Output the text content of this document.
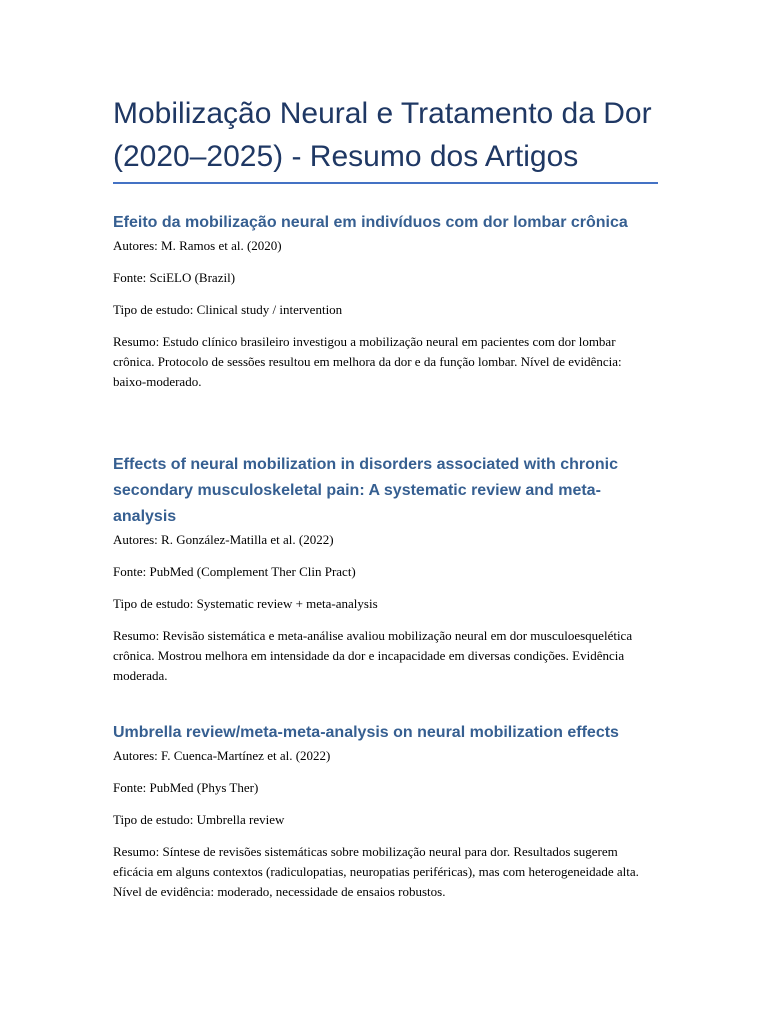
Mobilização Neural e Tratamento da Dor (2020–2025) - Resumo dos Artigos
Efeito da mobilização neural em indivíduos com dor lombar crônica

Autores: M. Ramos et al. (2020)

Fonte: SciELO (Brazil)

Tipo de estudo: Clinical study / intervention

Resumo: Estudo clínico brasileiro investigou a mobilização neural em pacientes com dor lombar crônica. Protocolo de sessões resultou em melhora da dor e da função lombar. Nível de evidência: baixo-moderado.

Effects of neural mobilization in disorders associated with chronic secondary musculoskeletal pain: A systematic review and meta-analysis

Autores: R. González-Matilla et al. (2022)

Fonte: PubMed (Complement Ther Clin Pract)

Tipo de estudo: Systematic review + meta-analysis

Resumo: Revisão sistemática e meta-análise avaliou mobilização neural em dor musculoesquelética crônica. Mostrou melhora em intensidade da dor e incapacidade em diversas condições. Evidência moderada.

Umbrella review/meta-meta-analysis on neural mobilization effects

Autores: F. Cuenca-Martínez et al. (2022)

Fonte: PubMed (Phys Ther)

Tipo de estudo: Umbrella review

Resumo: Síntese de revisões sistemáticas sobre mobilização neural para dor. Resultados sugerem eficácia em alguns contextos (radiculopatias, neuropatias periféricas), mas com heterogeneidade alta. Nível de evidência: moderado, necessidade de ensaios robustos.
